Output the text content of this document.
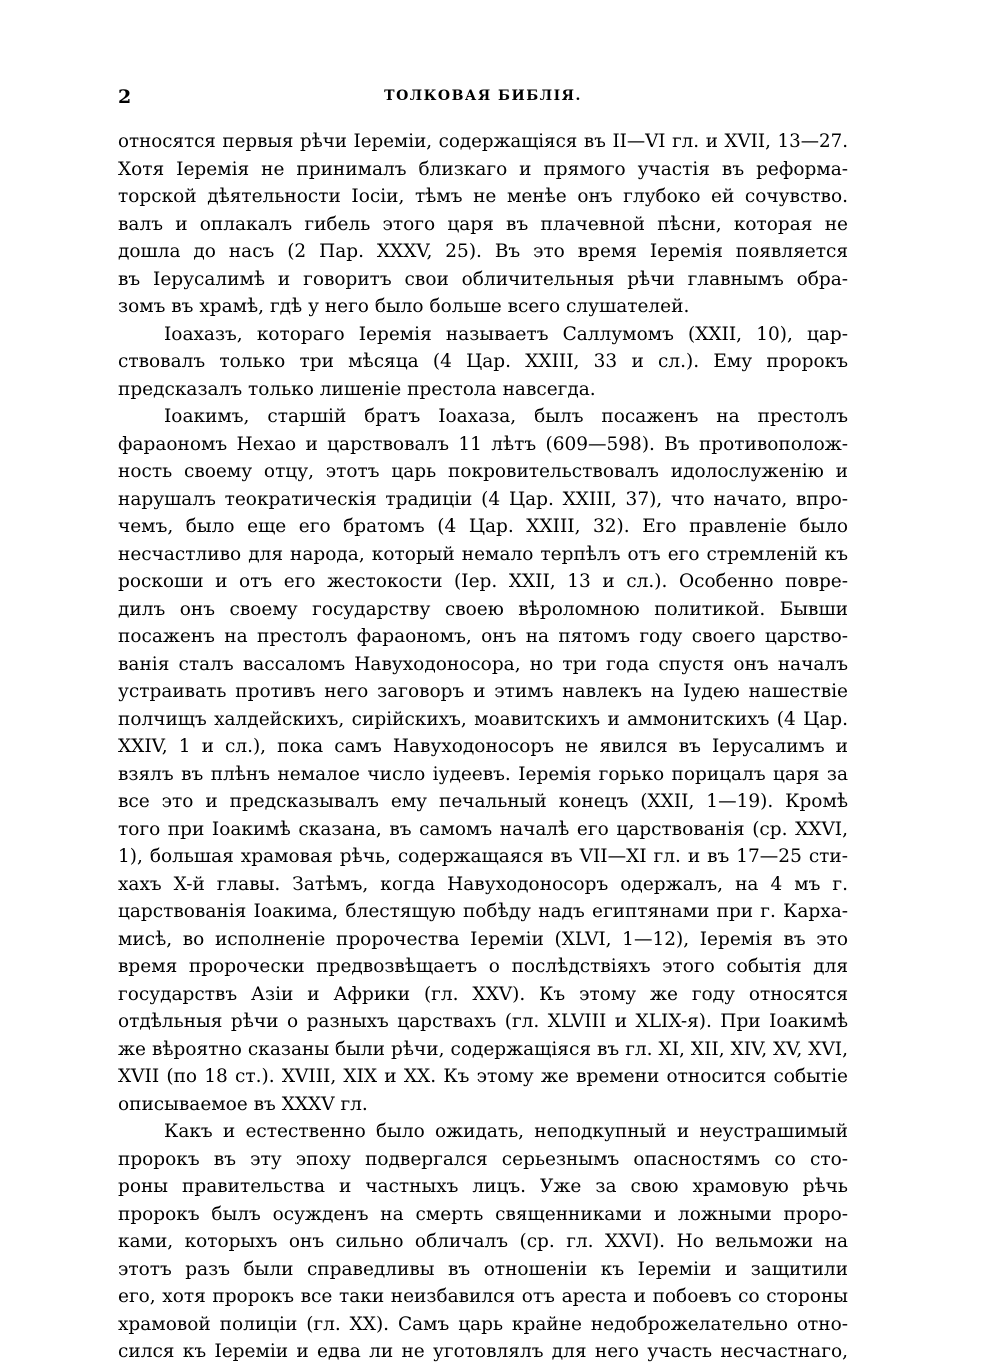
2	ТОЛКОВАЯ БИБЛIЯ.
относятся первыя рѣчи Iереміи, содержащіяся въ II—VI гл. и XVII, 13—27.
Хотя Iеремія не принималъ близкаго и прямого участія въ реформа-
торской дѣятельности Iосіи, тѣмъ не менѣе онъ глубоко ей сочувство.
валъ и оплакалъ гибель этого царя въ плачевной пѣсни, которая не
дошла до насъ (2 Пар. XXXV, 25). Въ это время Iеремія появляется
въ Iерусалимѣ и говоритъ свои обличительныя рѣчи главнымъ обра-
зомъ въ храмѣ, гдѣ у него было больше всего слушателей.
Iоахазъ, котораго Iеремія называетъ Саллумомъ (XXII, 10), цар-
ствовалъ только три мѣсяца (4 Цар. XXIII, 33 и сл.). Ему пророкъ
предсказалъ только лишеніе престола навсегда.
Iоакимъ, старшій братъ Iоахаза, былъ посаженъ на престолъ
фараономъ Нехао и царствовалъ 11 лѣтъ (609—598). Въ противополож-
ность своему отцу, этотъ царь покровительствовалъ идолослуженію и
нарушалъ теократическія традиціи (4 Цар. XXIII, 37), что начато, впро-
чемъ, было еще его братомъ (4 Цар. XXIII, 32). Его правленіе было
несчастливо для народа, который немало терпѣлъ отъ его стремленій къ
роскоши и отъ его жестокости (Iер. XXII, 13 и сл.). Особенно повре-
дилъ онъ своему государству своею вѣроломною политикой. Бывши
посаженъ на престолъ фараономъ, онъ на пятомъ году своего царство-
ванія сталъ вассаломъ Навуходоносора, но три года спустя онъ началъ
устраивать противъ него заговоръ и этимъ навлекъ на Iудею нашествіе
полчищъ халдейскихъ, сирійскихъ, моавитскихъ и аммонитскихъ (4 Цар.
XXIV, 1 и сл.), пока самъ Навуходоносоръ не явился въ Iерусалимъ и
взялъ въ плѣнъ немалое число іудеевъ. Iеремія горько порицалъ царя за
все это и предсказывалъ ему печальный конецъ (XXII, 1—19). Кромѣ
того при Iоакимѣ сказана, въ самомъ началѣ его царствованія (ср. XXVI,
1), большая храмовая рѣчь, содержащаяся въ VII—XI гл. и въ 17—25 сти-
хахъ X-й главы. Затѣмъ, когда Навуходоносоръ одержалъ, на 4 мъ г.
царствованія Iоакима, блестящую побѣду надъ египтянами при г. Карха-
мисѣ, во исполненіе пророчества Iереміи (XLVI, 1—12), Iеремія въ это
время пророчески предвозвѣщаетъ о послѣдствіяхъ этого событія для
государствъ Азіи и Африки (гл. XXV). Къ этому же году относятся
отдѣльныя рѣчи о разныхъ царствахъ (гл. XLVIII и XLIX-я). При Iоакимѣ
же вѣроятно сказаны были рѣчи, содержащіяся въ гл. XI, XII, XIV, XV, XVI,
XVII (по 18 ст.). XVIII, XIX и XX. Къ этому же времени относится событіе
описываемое въ XXXV гл.
Какъ и естественно было ожидать, неподкупный и неустрашимый
пророкъ въ эту эпоху подвергался серьезнымъ опасностямъ со сто-
роны правительства и частныхъ лицъ. Уже за свою храмовую рѣчь
пророкъ былъ осужденъ на смерть священниками и ложными проро-
ками, которыхъ онъ сильно обличалъ (ср. гл. XXVI). Но вельможи на
этотъ разъ были справедливы въ отношеніи къ Iереміи и защитили
его, хотя пророкъ все таки неизбавился отъ ареста и побоевъ со стороны
храмовой полиціи (гл. XX). Самъ царь крайне недоброжелательно отно-
сился къ Iереміи и едва ли не уготовлялъ для него участь несчастнаго,
